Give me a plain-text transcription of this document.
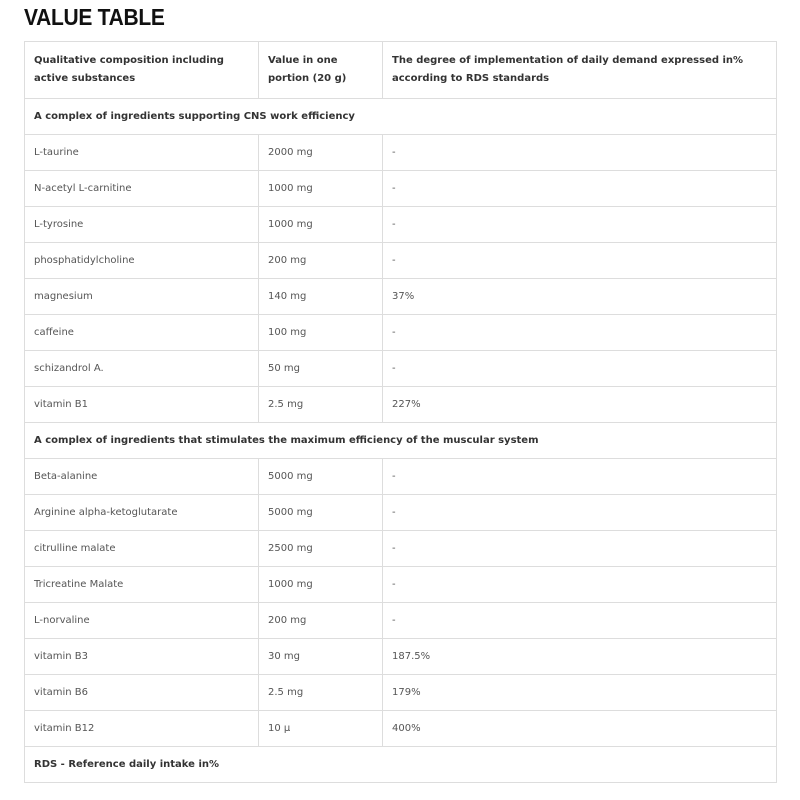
VALUE TABLE
Qualitative composition including active substances	Value in one portion (20 g)	The degree of implementation of daily demand expressed in% according to RDS standards
A complex of ingredients supporting CNS work efficiency		
L-taurine	2000 mg	-
N-acetyl L-carnitine	1000 mg	-
L-tyrosine	1000 mg	-
phosphatidylcholine	200 mg	-
magnesium	140 mg	37%
caffeine	100 mg	-
schizandrol A.	50 mg	-
vitamin B1	2.5 mg	227%
A complex of ingredients that stimulates the maximum efficiency of the muscular system		
Beta-alanine	5000 mg	-
Arginine alpha-ketoglutarate	5000 mg	-
citrulline malate	2500 mg	-
Tricreatine Malate	1000 mg	-
L-norvaline	200 mg	-
vitamin B3	30 mg	187.5%
vitamin B6	2.5 mg	179%
vitamin B12	10 µ	400%
RDS - Reference daily intake in%		
